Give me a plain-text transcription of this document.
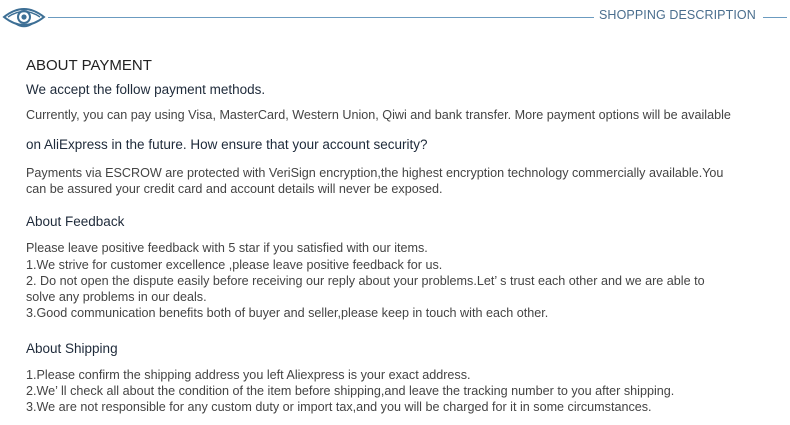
SHOPPING DESCRIPTION
ABOUT PAYMENT
We accept the follow payment methods.
Currently, you can pay using Visa, MasterCard, Western Union, Qiwi and bank transfer. More payment options will be available
on AliExpress in the future. How ensure that your account security?
Payments via ESCROW are protected with VeriSign encryption,the highest encryption technology commercially available.You
can be assured your credit card and account details will never be exposed.
About Feedback
Please leave positive feedback with 5 star if you satisfied with our items.
1.We strive for customer excellence ,please leave positive feedback for us.
2. Do not open the dispute easily before receiving our reply about your problems.Let’ s trust each other and we are able to
solve any problems in our deals.
3.Good communication benefits both of buyer and seller,please keep in touch with each other.
About Shipping
1.Please confirm the shipping address you left Aliexpress is your exact address.
2.We’ ll check all about the condition of the item before shipping,and leave the tracking number to you after shipping.
3.We are not responsible for any custom duty or import tax,and you will be charged for it in some circumstances.
